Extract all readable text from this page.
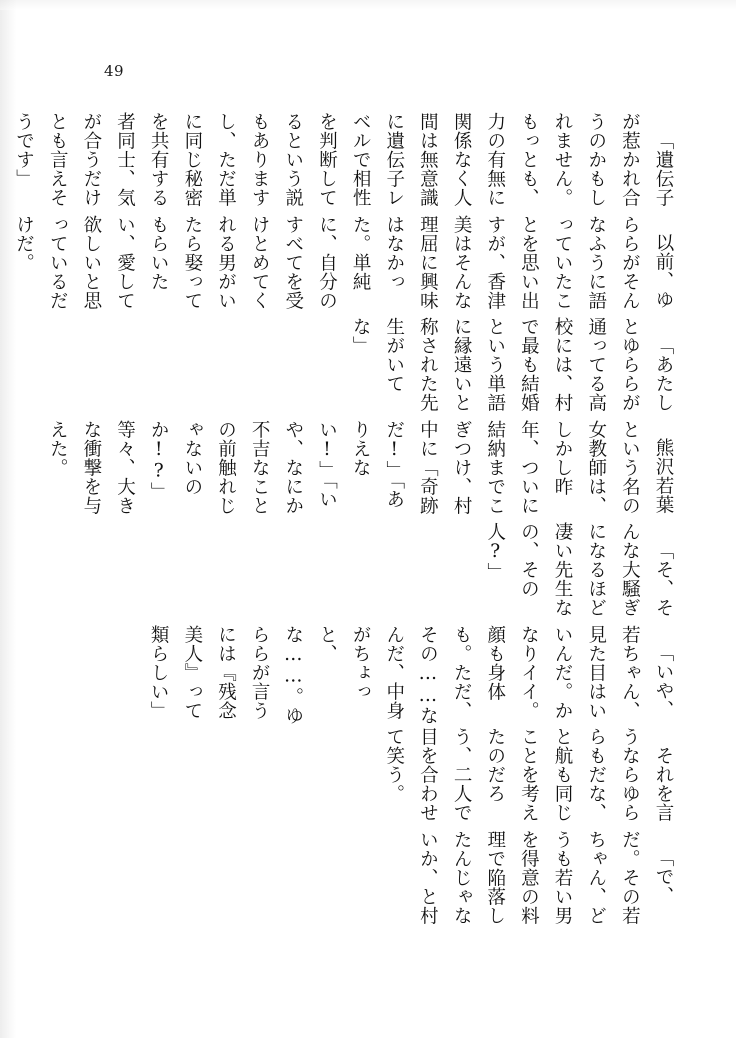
49

「遺伝子が惹かれ合うのかもしれません。もっとも、力の有無に関係なく人間は無意識に遺伝子レベルで相性を判断してるという説もありますし、ただ単に同じ秘密を共有する者同士、気が合うだけとも言えそうです」

以前、ゆららがそんなふうに語っていたことを思い出すが、香津美はそんな理屈に興味はなかった。単純に、自分のすべてを受けとめてくれる男がいたら娶ってもらいたい、愛して欲しいと思っているだけだ。

「あたしとゆららが通ってる高校には、村で最も結婚という単語に縁遠いと称された先生がいてな」

熊沢若葉という名の女教師は、しかし昨年、ついに結納までこぎつけ、村中に「奇跡だ!」「ありえない!」「いや、なにか不吉なことの前触れじゃないのか!?」等々、大きな衝撃を与えた。

「そ、そんな大騒ぎになるほど凄い先生なの、その人?」

「いや、若ちゃん、見た目はいいんだ。かなりイイ。顔も身体も。ただ、その……なんだ、中身がちょっと、な……。ゆららが言うには『残念美人』って類らしい」

それを言うならゆららもだな、と航も同じことを考えたのだろう、二人で目を合わせて笑う。

「で、だ。その若ちゃん、どうも若い男を得意の料理で陥落したんじゃないか、と村
